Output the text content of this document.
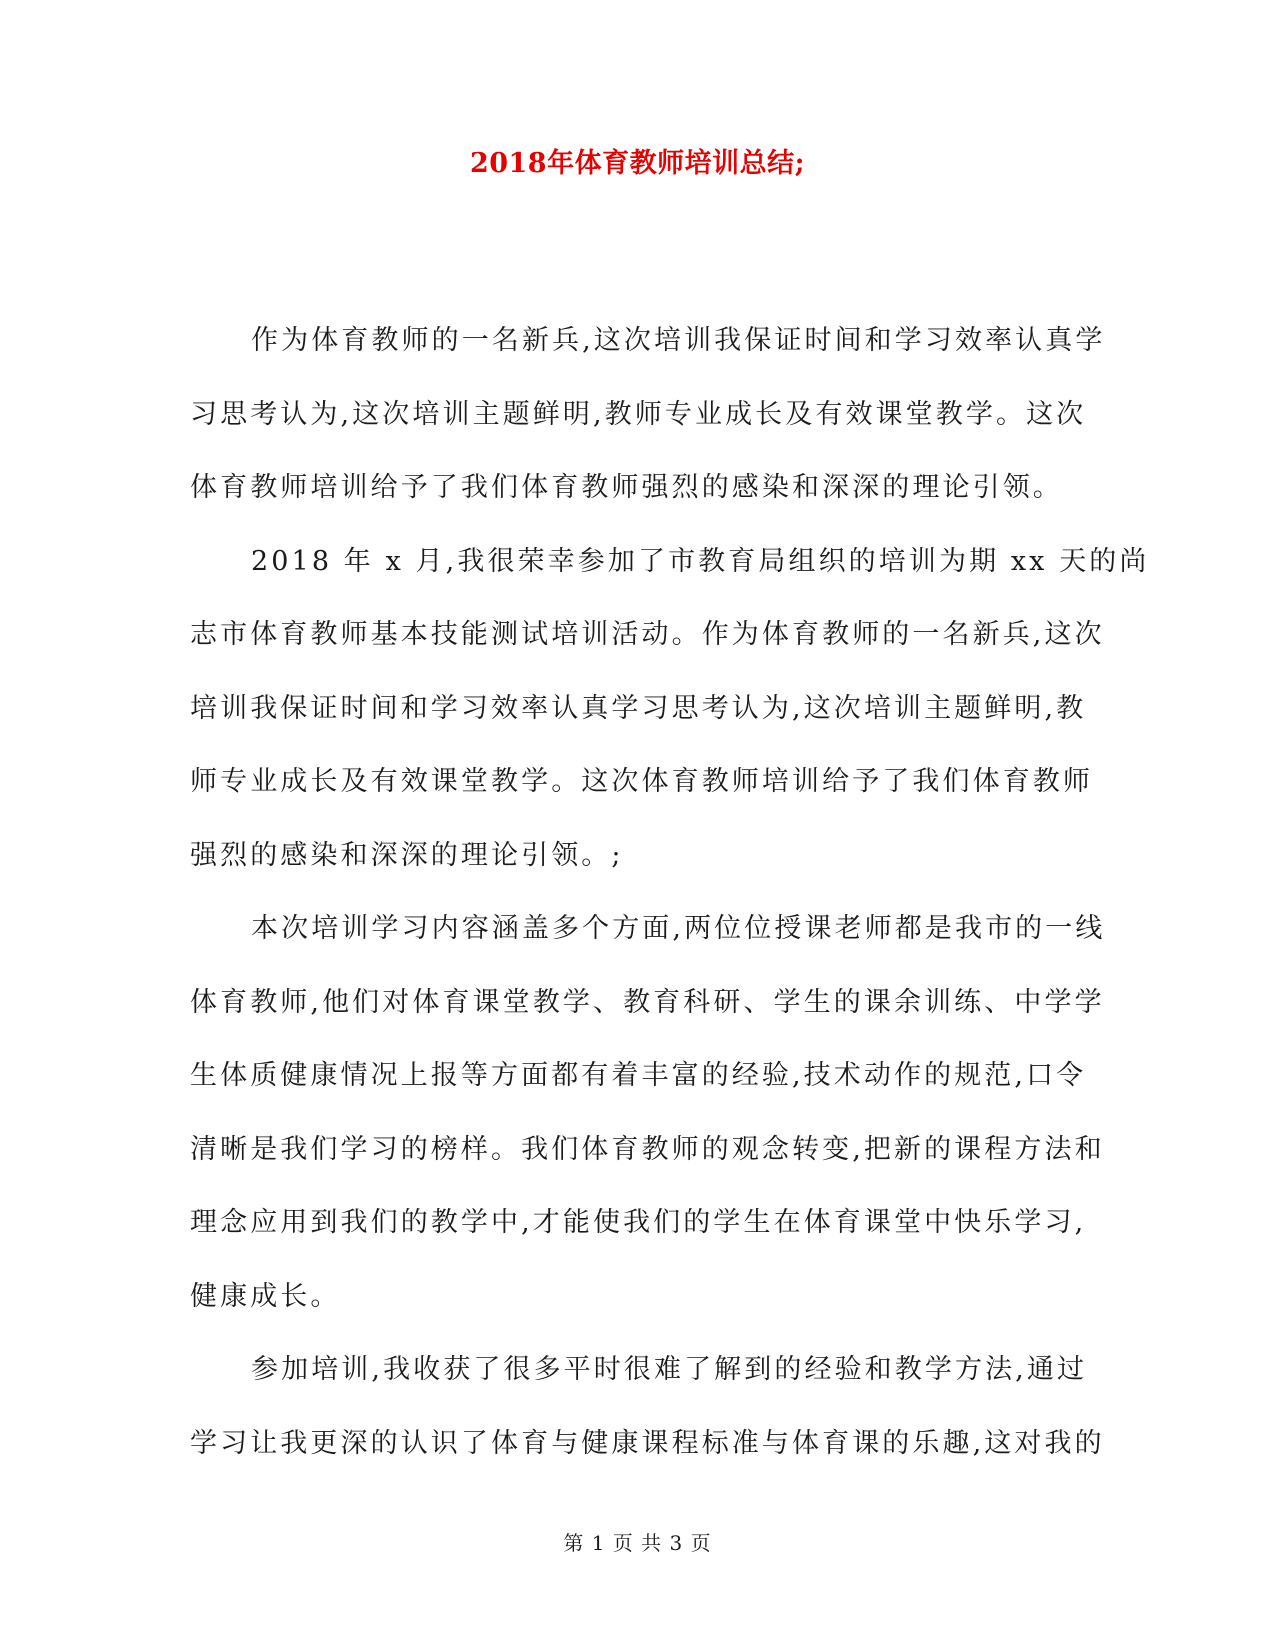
2018年体育教师培训总结;

作为体育教师的一名新兵,这次培训我保证时间和学习效率认真学
习思考认为,这次培训主题鲜明,教师专业成长及有效课堂教学。这次
体育教师培训给予了我们体育教师强烈的感染和深深的理论引领。

2018 年 x 月,我很荣幸参加了市教育局组织的培训为期 xx 天的尚
志市体育教师基本技能测试培训活动。作为体育教师的一名新兵,这次
培训我保证时间和学习效率认真学习思考认为,这次培训主题鲜明,教
师专业成长及有效课堂教学。这次体育教师培训给予了我们体育教师
强烈的感染和深深的理论引领。;

本次培训学习内容涵盖多个方面,两位位授课老师都是我市的一线
体育教师,他们对体育课堂教学、教育科研、学生的课余训练、中学学
生体质健康情况上报等方面都有着丰富的经验,技术动作的规范,口令
清晰是我们学习的榜样。我们体育教师的观念转变,把新的课程方法和
理念应用到我们的教学中,才能使我们的学生在体育课堂中快乐学习,
健康成长。

参加培训,我收获了很多平时很难了解到的经验和教学方法,通过
学习让我更深的认识了体育与健康课程标准与体育课的乐趣,这对我的

第 1 页 共 3 页
